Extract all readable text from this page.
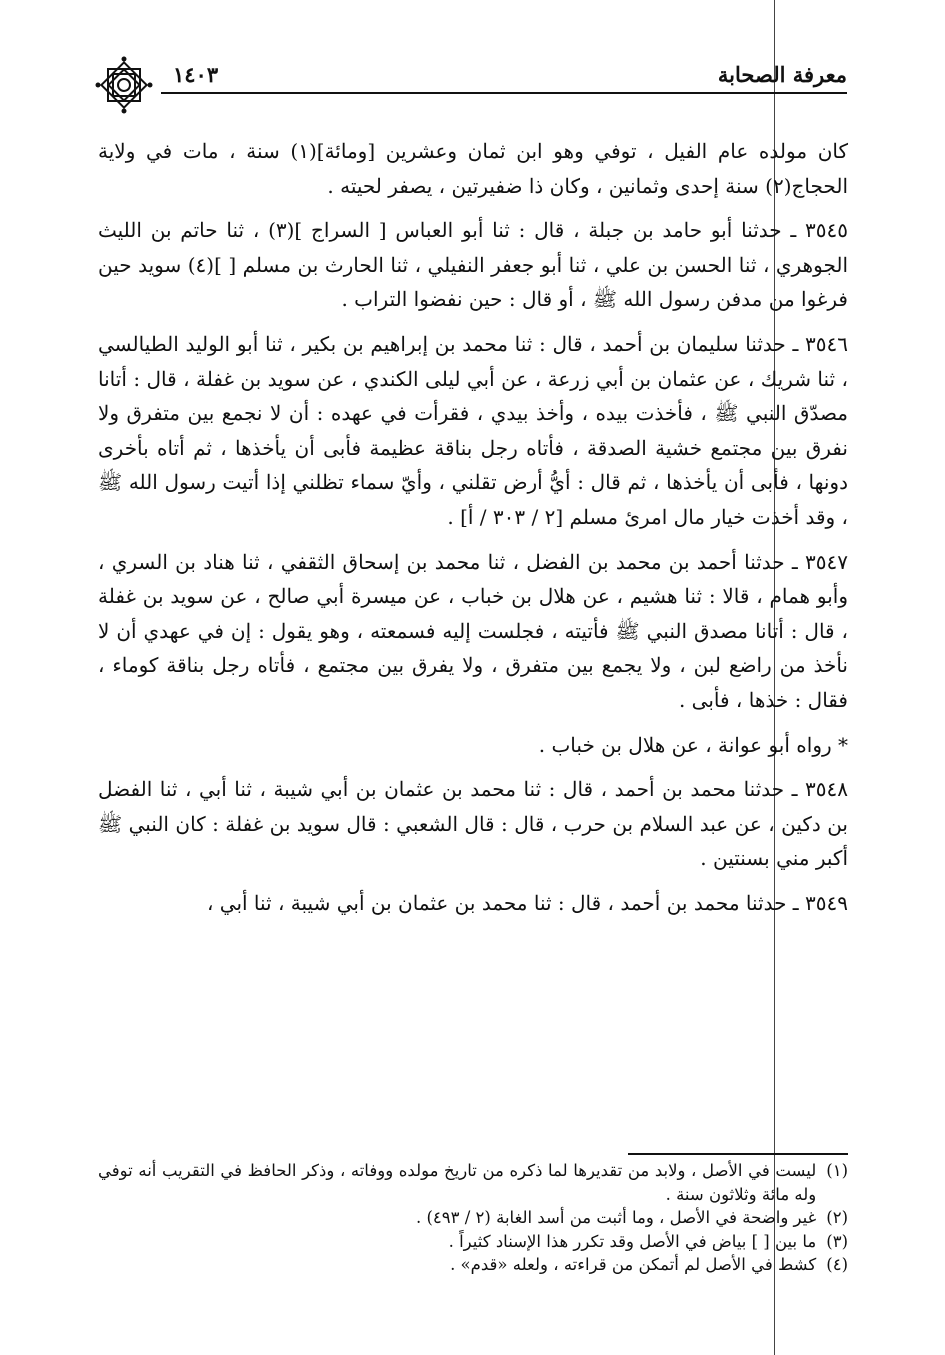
١٤٠٣	معرفة الصحابة

كان مولده عام الفيل ، توفي وهو ابن ثمان وعشرين [ومائة](١) سنة ، مات في ولاية الحجاج(٢) سنة إحدى وثمانين ، وكان ذا ضفيرتين ، يصفر لحيته .

٣٥٤٥ ـ حدثنا أبو حامد بن جبلة ، قال : ثنا أبو العباس [ السراج ](٣) ، ثنا حاتم بن الليث الجوهري ، ثنا الحسن بن علي ، ثنا أبو جعفر النفيلي ، ثنا الحارث بن مسلم [ ](٤) سويد حين فرغوا من مدفن رسول الله ﷺ ، أو قال : حين نفضوا التراب .

٣٥٤٦ ـ حدثنا سليمان بن أحمد ، قال : ثنا محمد بن إبراهيم بن بكير ، ثنا أبو الوليد الطيالسي ، ثنا شريك ، عن عثمان بن أبي زرعة ، عن أبي ليلى الكندي ، عن سويد بن غفلة ، قال : أتانا مصدّق النبي ﷺ ، فأخذت بيده ، وأخذ بيدي ، فقرأت في عهده : أن لا نجمع بين متفرق ولا نفرق بين مجتمع خشية الصدقة ، فأتاه رجل بناقة عظيمة فأبى أن يأخذها ، ثم أتاه بأخرى دونها ، فأبى أن يأخذها ، ثم قال : أيُّ أرض تقلني ، وأيّ سماء تظلني إذا أتيت رسول الله ﷺ ، وقد أخذت خيار مال امرئ مسلم [٢ / ٣٠٣ / أ] .

٣٥٤٧ ـ حدثنا أحمد بن محمد بن الفضل ، ثنا محمد بن إسحاق الثقفي ، ثنا هناد بن السري ، وأبو همام ، قالا : ثنا هشيم ، عن هلال بن خباب ، عن ميسرة أبي صالح ، عن سويد بن غفلة ، قال : أتانا مصدق النبي ﷺ فأتيته ، فجلست إليه فسمعته ، وهو يقول : إن في عهدي أن لا نأخذ من راضع لبن ، ولا يجمع بين متفرق ، ولا يفرق بين مجتمع ، فأتاه رجل بناقة كوماء ، فقال : خذها ، فأبى .

* رواه أبو عوانة ، عن هلال بن خباب .

٣٥٤٨ ـ حدثنا محمد بن أحمد ، قال : ثنا محمد بن عثمان بن أبي شيبة ، ثنا أبي ، ثنا الفضل بن دكين ، عن عبد السلام بن حرب ، قال : قال الشعبي : قال سويد بن غفلة : كان النبي ﷺ أكبر مني بسنتين .

٣٥٤٩ ـ حدثنا محمد بن أحمد ، قال : ثنا محمد بن عثمان بن أبي شيبة ، ثنا أبي ،

(١)
ليست في الأصل ، ولابد من تقديرها لما ذكره من تاريخ مولده ووفاته ، وذكر الحافظ في التقريب أنه توفي وله مائة وثلاثون سنة .
(٢)
غير واضحة في الأصل ، وما أثبت من أسد الغابة (٢ / ٤٩٣) .
(٣)
ما بين [ ] بياض في الأصل وقد تكرر هذا الإسناد كثيراً .
(٤)
كشط في الأصل لم أتمكن من قراءته ، ولعله «قدم» .
